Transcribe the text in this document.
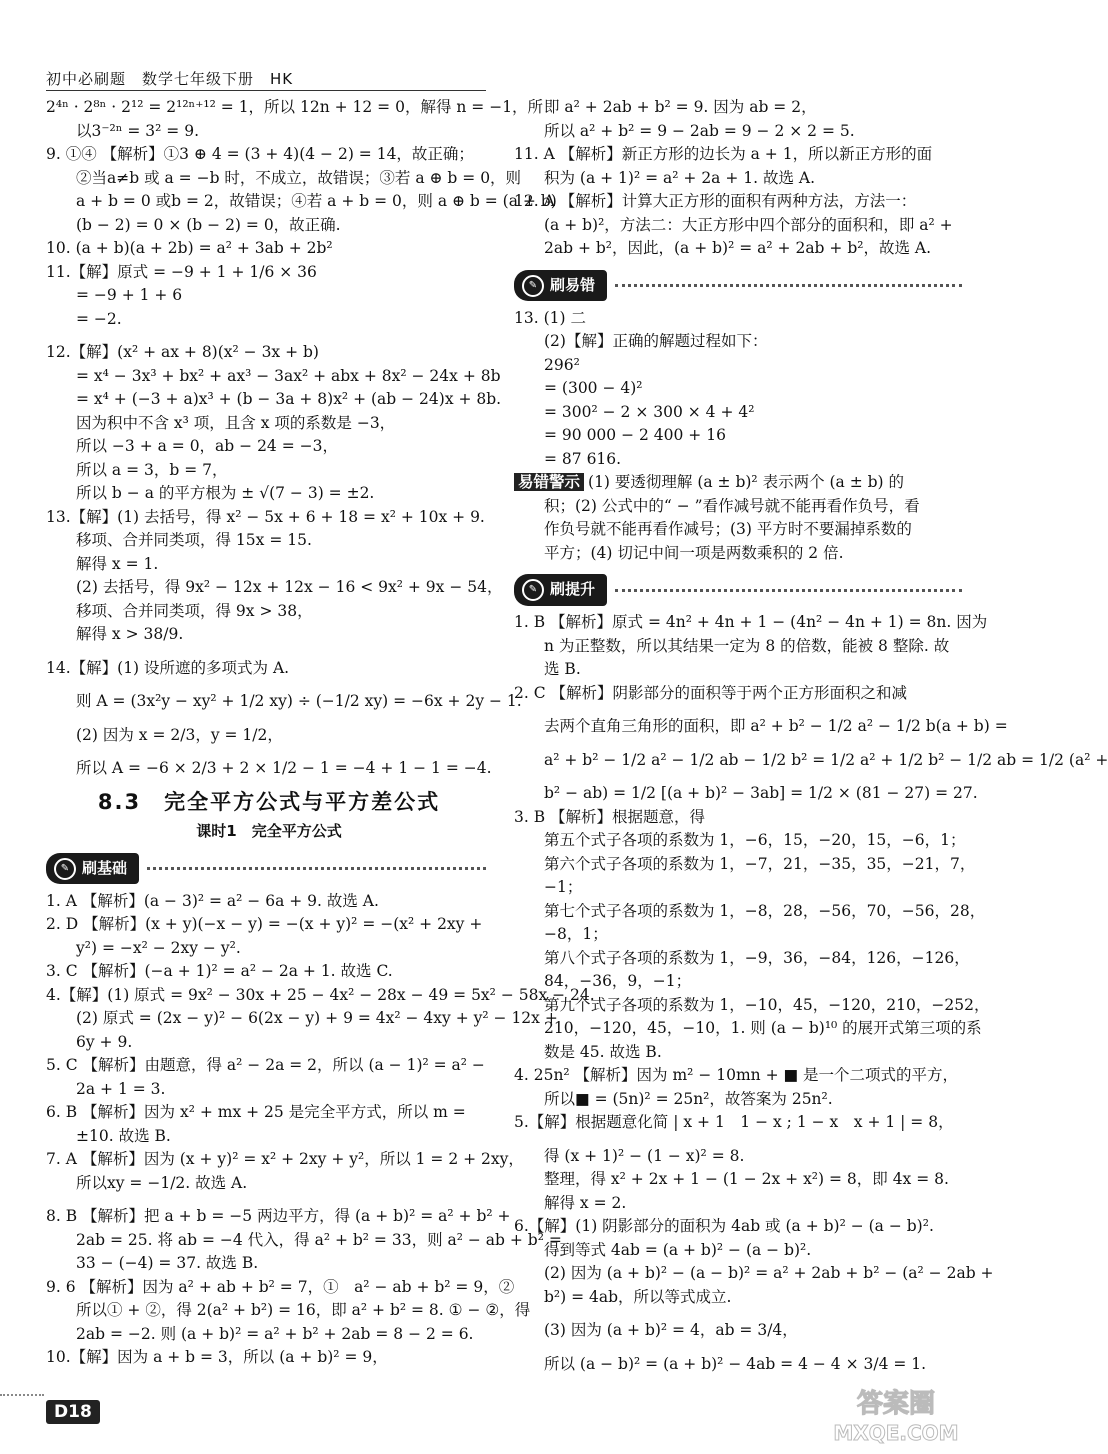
初中必刷题　数学七年级下册　HK
2⁴ⁿ · 2⁸ⁿ · 2¹² = 2¹²ⁿ⁺¹² = 1，所以 12n + 12 = 0，解得 n = −1，所
以3⁻²ⁿ = 3² = 9.
9. ①④ 【解析】①3 ⊕ 4 = (3 + 4)(4 − 2) = 14，故正确；
②当a≠b 或 a = −b 时，不成立，故错误；③若 a ⊕ b = 0，则
a + b = 0 或b = 2，故错误；④若 a + b = 0，则 a ⊕ b = (a + b)
(b − 2) = 0 × (b − 2) = 0，故正确.
10. (a + b)(a + 2b) = a² + 3ab + 2b²
11.【解】原式 = −9 + 1 + 1/6 × 36
= −9 + 1 + 6
= −2.
12.【解】(x² + ax + 8)(x² − 3x + b)
= x⁴ − 3x³ + bx² + ax³ − 3ax² + abx + 8x² − 24x + 8b
= x⁴ + (−3 + a)x³ + (b − 3a + 8)x² + (ab − 24)x + 8b.
因为积中不含 x³ 项，且含 x 项的系数是 −3，
所以 −3 + a = 0，ab − 24 = −3，
所以 a = 3，b = 7，
所以 b − a 的平方根为 ± √(7 − 3) = ±2.
13.【解】(1) 去括号，得 x² − 5x + 6 + 18 = x² + 10x + 9.
移项、合并同类项，得 15x = 15.
解得 x = 1.
(2) 去括号，得 9x² − 12x + 12x − 16 < 9x² + 9x − 54，
移项、合并同类项，得 9x > 38，
解得 x > 38/9.
14.【解】(1) 设所遮的多项式为 A.
则 A = (3x²y − xy² + 1/2 xy) ÷ (−1/2 xy) = −6x + 2y − 1.
(2) 因为 x = 2/3，y = 1/2，
所以 A = −6 × 2/3 + 2 × 1/2 − 1 = −4 + 1 − 1 = −4.
8.3　完全平方公式与平方差公式
课时1　完全平方公式
✎ 刷基础
1. A 【解析】(a − 3)² = a² − 6a + 9. 故选 A.
2. D 【解析】(x + y)(−x − y) = −(x + y)² = −(x² + 2xy +
y²) = −x² − 2xy − y².
3. C 【解析】(−a + 1)² = a² − 2a + 1. 故选 C.
4.【解】(1) 原式 = 9x² − 30x + 25 − 4x² − 28x − 49 = 5x² − 58x − 24.
(2) 原式 = (2x − y)² − 6(2x − y) + 9 = 4x² − 4xy + y² − 12x +
6y + 9.
5. C 【解析】由题意，得 a² − 2a = 2，所以 (a − 1)² = a² −
2a + 1 = 3.
6. B 【解析】因为 x² + mx + 25 是完全平方式，所以 m =
±10. 故选 B.
7. A 【解析】因为 (x + y)² = x² + 2xy + y²，所以 1 = 2 + 2xy，
所以xy = −1/2. 故选 A.
8. B 【解析】把 a + b = −5 两边平方，得 (a + b)² = a² + b² +
2ab = 25. 将 ab = −4 代入，得 a² + b² = 33，则 a² − ab + b² =
33 − (−4) = 37. 故选 B.
9. 6 【解析】因为 a² + ab + b² = 7，①　a² − ab + b² = 9，②
所以① + ②，得 2(a² + b²) = 16，即 a² + b² = 8. ① − ②，得
2ab = −2. 则 (a + b)² = a² + b² + 2ab = 8 − 2 = 6.
10.【解】因为 a + b = 3，所以 (a + b)² = 9，
即 a² + 2ab + b² = 9. 因为 ab = 2，
所以 a² + b² = 9 − 2ab = 9 − 2 × 2 = 5.
11. A 【解析】新正方形的边长为 a + 1，所以新正方形的面
积为 (a + 1)² = a² + 2a + 1. 故选 A.
12. A 【解析】计算大正方形的面积有两种方法，方法一：
(a + b)²，方法二：大正方形中四个部分的面积和，即 a² +
2ab + b²，因此，(a + b)² = a² + 2ab + b²，故选 A.
✎ 刷易错
13. (1) 二
(2)【解】正确的解题过程如下：
296²
= (300 − 4)²
= 300² − 2 × 300 × 4 + 4²
= 90 000 − 2 400 + 16
= 87 616.
易错警示 (1) 要透彻理解 (a ± b)² 表示两个 (a ± b) 的
积；(2) 公式中的“ − ”看作减号就不能再看作负号，看
作负号就不能再看作减号；(3) 平方时不要漏掉系数的
平方；(4) 切记中间一项是两数乘积的 2 倍.
✎ 刷提升
1. B 【解析】原式 = 4n² + 4n + 1 − (4n² − 4n + 1) = 8n. 因为
n 为正整数，所以其结果一定为 8 的倍数，能被 8 整除. 故
选 B.
2. C 【解析】阴影部分的面积等于两个正方形面积之和减
去两个直角三角形的面积，即 a² + b² − 1/2 a² − 1/2 b(a + b) =
a² + b² − 1/2 a² − 1/2 ab − 1/2 b² = 1/2 a² + 1/2 b² − 1/2 ab = 1/2 (a² +
b² − ab) = 1/2 [(a + b)² − 3ab] = 1/2 × (81 − 27) = 27.
3. B 【解析】根据题意，得
第五个式子各项的系数为 1，−6，15，−20，15，−6，1；
第六个式子各项的系数为 1，−7，21，−35，35，−21，7，
−1；
第七个式子各项的系数为 1，−8，28，−56，70，−56，28，
−8，1；
第八个式子各项的系数为 1，−9，36，−84，126，−126，
84，−36，9，−1；
第九个式子各项的系数为 1，−10，45，−120，210，−252，
210，−120，45，−10，1. 则 (a − b)¹⁰ 的展开式第三项的系
数是 45. 故选 B.
4. 25n² 【解析】因为 m² − 10mn + ■ 是一个二项式的平方，
所以■ = (5n)² = 25n²，故答案为 25n².
5.【解】根据题意化简 | x + 1　1 − x ; 1 − x　x + 1 | = 8，
得 (x + 1)² − (1 − x)² = 8.
整理，得 x² + 2x + 1 − (1 − 2x + x²) = 8，即 4x = 8.
解得 x = 2.
6.【解】(1) 阴影部分的面积为 4ab 或 (a + b)² − (a − b)².
得到等式 4ab = (a + b)² − (a − b)².
(2) 因为 (a + b)² − (a − b)² = a² + 2ab + b² − (a² − 2ab +
b²) = 4ab，所以等式成立.
(3) 因为 (a + b)² = 4，ab = 3/4，
所以 (a − b)² = (a + b)² − 4ab = 4 − 4 × 3/4 = 1.
D18	答案圈
MXQE.COM
